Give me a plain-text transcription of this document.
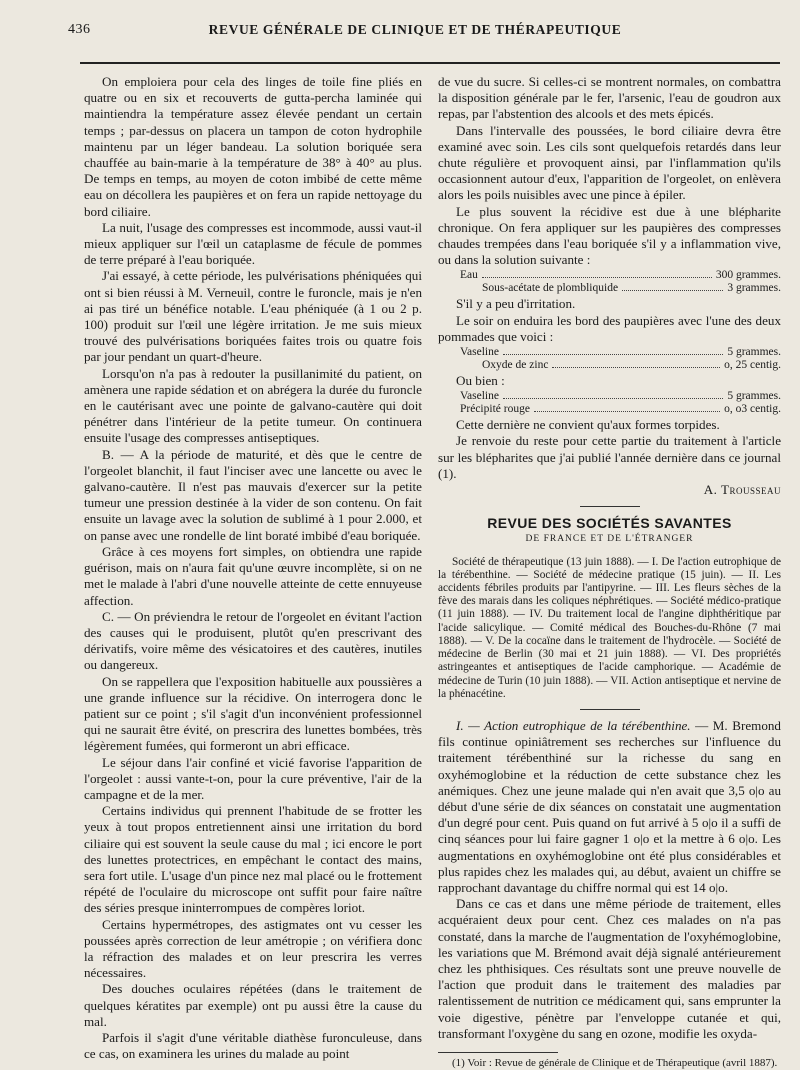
436	REVUE GÉNÉRALE DE CLINIQUE ET DE THÉRAPEUTIQUE

On emploiera pour cela des linges de toile fine pliés en quatre ou en six et recouverts de gutta-percha laminée qui maintiendra la température assez élevée pendant un certain temps ; par-dessus on placera un tampon de coton hydrophile maintenu par un léger bandeau. La solution boriquée sera chauffée au bain-marie à la température de 38° à 40° au plus. De temps en temps, au moyen de coton imbibé de cette même eau on décollera les paupières et on fera un rapide nettoyage du bord ciliaire.

La nuit, l'usage des compresses est incommode, aussi vaut-il mieux appliquer sur l'œil un cataplasme de fécule de pommes de terre préparé à l'eau boriquée.

J'ai essayé, à cette période, les pulvérisations phéniquées qui ont si bien réussi à M. Verneuil, contre le furoncle, mais je n'en ai pas tiré un bénéfice notable. L'eau phéniquée (à 1 ou 2 p. 100) produit sur l'œil une légère irritation. Je me suis mieux trouvé des pulvérisations boriquées faites trois ou quatre fois par jour pendant un quart-d'heure.

Lorsqu'on n'a pas à redouter la pusillanimité du patient, on amènera une rapide sédation et on abrégera la durée du furoncle en le cautérisant avec une pointe de galvano-cautère qui doit pénétrer dans l'intérieur de la petite tumeur. On continuera ensuite l'usage des compresses antiseptiques.

B. — A la période de maturité, et dès que le centre de l'orgeolet blanchit, il faut l'inciser avec une lancette ou avec le galvano-cautère. Il n'est pas mauvais d'exercer sur la petite tumeur une pression destinée à la vider de son contenu. On fait ensuite un lavage avec la solution de sublimé à 1 pour 2.000, et on panse avec une rondelle de lint boraté imbibé d'eau boriquée.

Grâce à ces moyens fort simples, on obtiendra une rapide guérison, mais on n'aura fait qu'une œuvre incomplète, si on ne met le malade à l'abri d'une nouvelle atteinte de cette ennuyeuse affection.

C. — On préviendra le retour de l'orgeolet en évitant l'action des causes qui le produisent, plutôt qu'en prescrivant des dérivatifs, voire même des vésicatoires et des cautères, inutiles ou dangereux.

On se rappellera que l'exposition habituelle aux poussières a une grande influence sur la récidive. On interrogera donc le patient sur ce point ; s'il s'agit d'un inconvénient professionnel qui ne saurait être évité, on prescrira des lunettes bombées, très légèrement fumées, qui formeront un abri efficace.

Le séjour dans l'air confiné et vicié favorise l'apparition de l'orgeolet : aussi vante-t-on, pour la cure préventive, l'air de la campagne et de la mer.

Certains individus qui prennent l'habitude de se frotter les yeux à tout propos entretiennent ainsi une irritation du bord ciliaire qui est souvent la seule cause du mal ; ici encore le port des lunettes protectrices, en empêchant le contact des mains, sera fort utile. L'usage d'un pince nez mal placé ou le frottement répété de l'oculaire du microscope ont suffit pour faire naître des séries presque ininterrompues de compères loriot.

Certains hypermétropes, des astigmates ont vu cesser les poussées après correction de leur amétropie ; on vérifiera donc la réfraction des malades et on leur prescrira les verres nécessaires.

Des douches oculaires répétées (dans le traitement de quelques kératites par exemple) ont pu aussi être la cause du mal.

Parfois il s'agit d'une véritable diathèse furonculeuse, dans ce cas, on examinera les urines du malade au point

de vue du sucre. Si celles-ci se montrent normales, on combattra la disposition générale par le fer, l'arsenic, l'eau de goudron aux repas, par l'abstention des alcools et des mets épicés.

Dans l'intervalle des poussées, le bord ciliaire devra être examiné avec soin. Les cils sont quelquefois retardés dans leur chute régulière et provoquent ainsi, par l'inflammation qu'ils occasionnent autour d'eux, l'apparition de l'orgeolet, on enlèvera alors les poils nuisibles avec une pince à épiler.

Le plus souvent la récidive est due à une blépharite chronique. On fera appliquer sur les paupières des compresses chaudes trempées dans l'eau boriquée s'il y a inflammation vive, ou dans la solution suivante :

Eau	300 grammes.
Sous-acétate de plombliquide	3 grammes.

S'il y a peu d'irritation.

Le soir on enduira les bord des paupières avec l'une des deux pommades que voici :

Vaseline	5 grammes.
Oxyde de zinc	o, 25 centig.

Ou bien :

Vaseline	5 grammes.
Précipité rouge	o, o3 centig.

Cette dernière ne convient qu'aux formes torpides.

Je renvoie du reste pour cette partie du traitement à l'article sur les blépharites que j'ai publié l'année dernière dans ce journal (1).

A. Trousseau
REVUE DES SOCIÉTÉS SAVANTES
DE FRANCE ET DE L'ÉTRANGER

Société de thérapeutique (13 juin 1888). — I. De l'action eutrophique de la térébenthine. — Société de médecine pratique (15 juin). — II. Les accidents fébriles produits par l'antipyrine. — III. Les fleurs sèches de la fève des marais dans les coliques néphrétiques. — Société médico-pratique (11 juin 1888). — IV. Du traitement local de l'angine diphthéritique par l'acide salicylique. — Comité médical des Bouches-du-Rhône (7 mai 1888). — V. De la cocaïne dans le traitement de l'hydrocèle. — Société de médecine de Berlin (30 mai et 21 juin 1888). — VI. Des propriétés astringeantes et antiseptiques de l'acide camphorique. — Académie de médecine de Turin (10 juin 1888). — VII. Action antiseptique et nervine de la phénacétine.

I. — Action eutrophique de la térébenthine. — M. Bremond fils continue opiniâtrement ses recherches sur l'influence du traitement térébenthiné sur la richesse du sang en oxyhémoglobine et la réduction de cette substance chez les anémiques. Chez une jeune malade qui n'en avait que 3,5 o|o au début d'une série de dix séances on constatait une augmentation d'un degré pour cent. Puis quand on fut arrivé à 5 o|o il a suffi de cinq séances pour lui faire gagner 1 o|o et la mettre à 6 o|o. Les augmentations en oxyhémoglobine ont été plus considérables et plus rapides chez les malades qui, au début, avaient un chiffre se rapprochant davantage du chiffre normal qui est 14 o|o.

Dans ce cas et dans une même période de traitement, elles acquéraient deux pour cent. Chez ces malades on n'a pas constaté, dans la marche de l'augmentation de l'oxyhémoglobine, les variations que M. Brémond avait déjà signalé antérieurement chez les phthisiques. Ces résultats sont une preuve nouvelle de l'action que produit dans le traitement des maladies par ralentissement de nutrition ce médicament qui, sans emprunter la voie digestive, pénètre par l'enveloppe cutanée et qui, transformant l'oxygène du sang en ozone, modifie les oxyda-

(1) Voir : Revue de générale de Clinique et de Thérapeutique (avril 1887).
